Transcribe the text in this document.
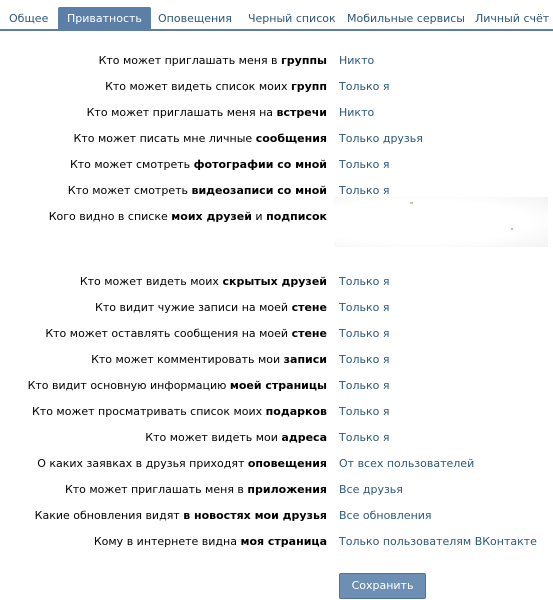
Общее	Приватность	Оповещения	Черный список	Мобильные сервисы Личный счёт
Кто может приглашать меня в группы Никто
Кто может видеть список моих групп Только я
Кто может приглашать меня на встречи Никто
Кто может писать мне личные сообщения Только друзья
Кто может смотреть фотографии со мной Только я
Кто может смотреть видеозаписи со мной Только я
Кого видно в списке моих друзей и подписок
Кто может видеть моих скрытых друзей Только я
Кто видит чужие записи на моей стене Только я
Кто может оставлять сообщения на моей стене Только я
Кто может комментировать мои записи Только я
Кто видит основную информацию моей страницы Только я
Кто может просматривать список моих подарков Только я
Кто может видеть мои адреса Только я
О каких заявках в друзья приходят оповещения От всех пользователей
Кто может приглашать меня в приложения Все друзья
Какие обновления видят в новостях мои друзья Все обновления
Кому в интернете видна моя страница Только пользователям ВКонтакте
Сохранить
